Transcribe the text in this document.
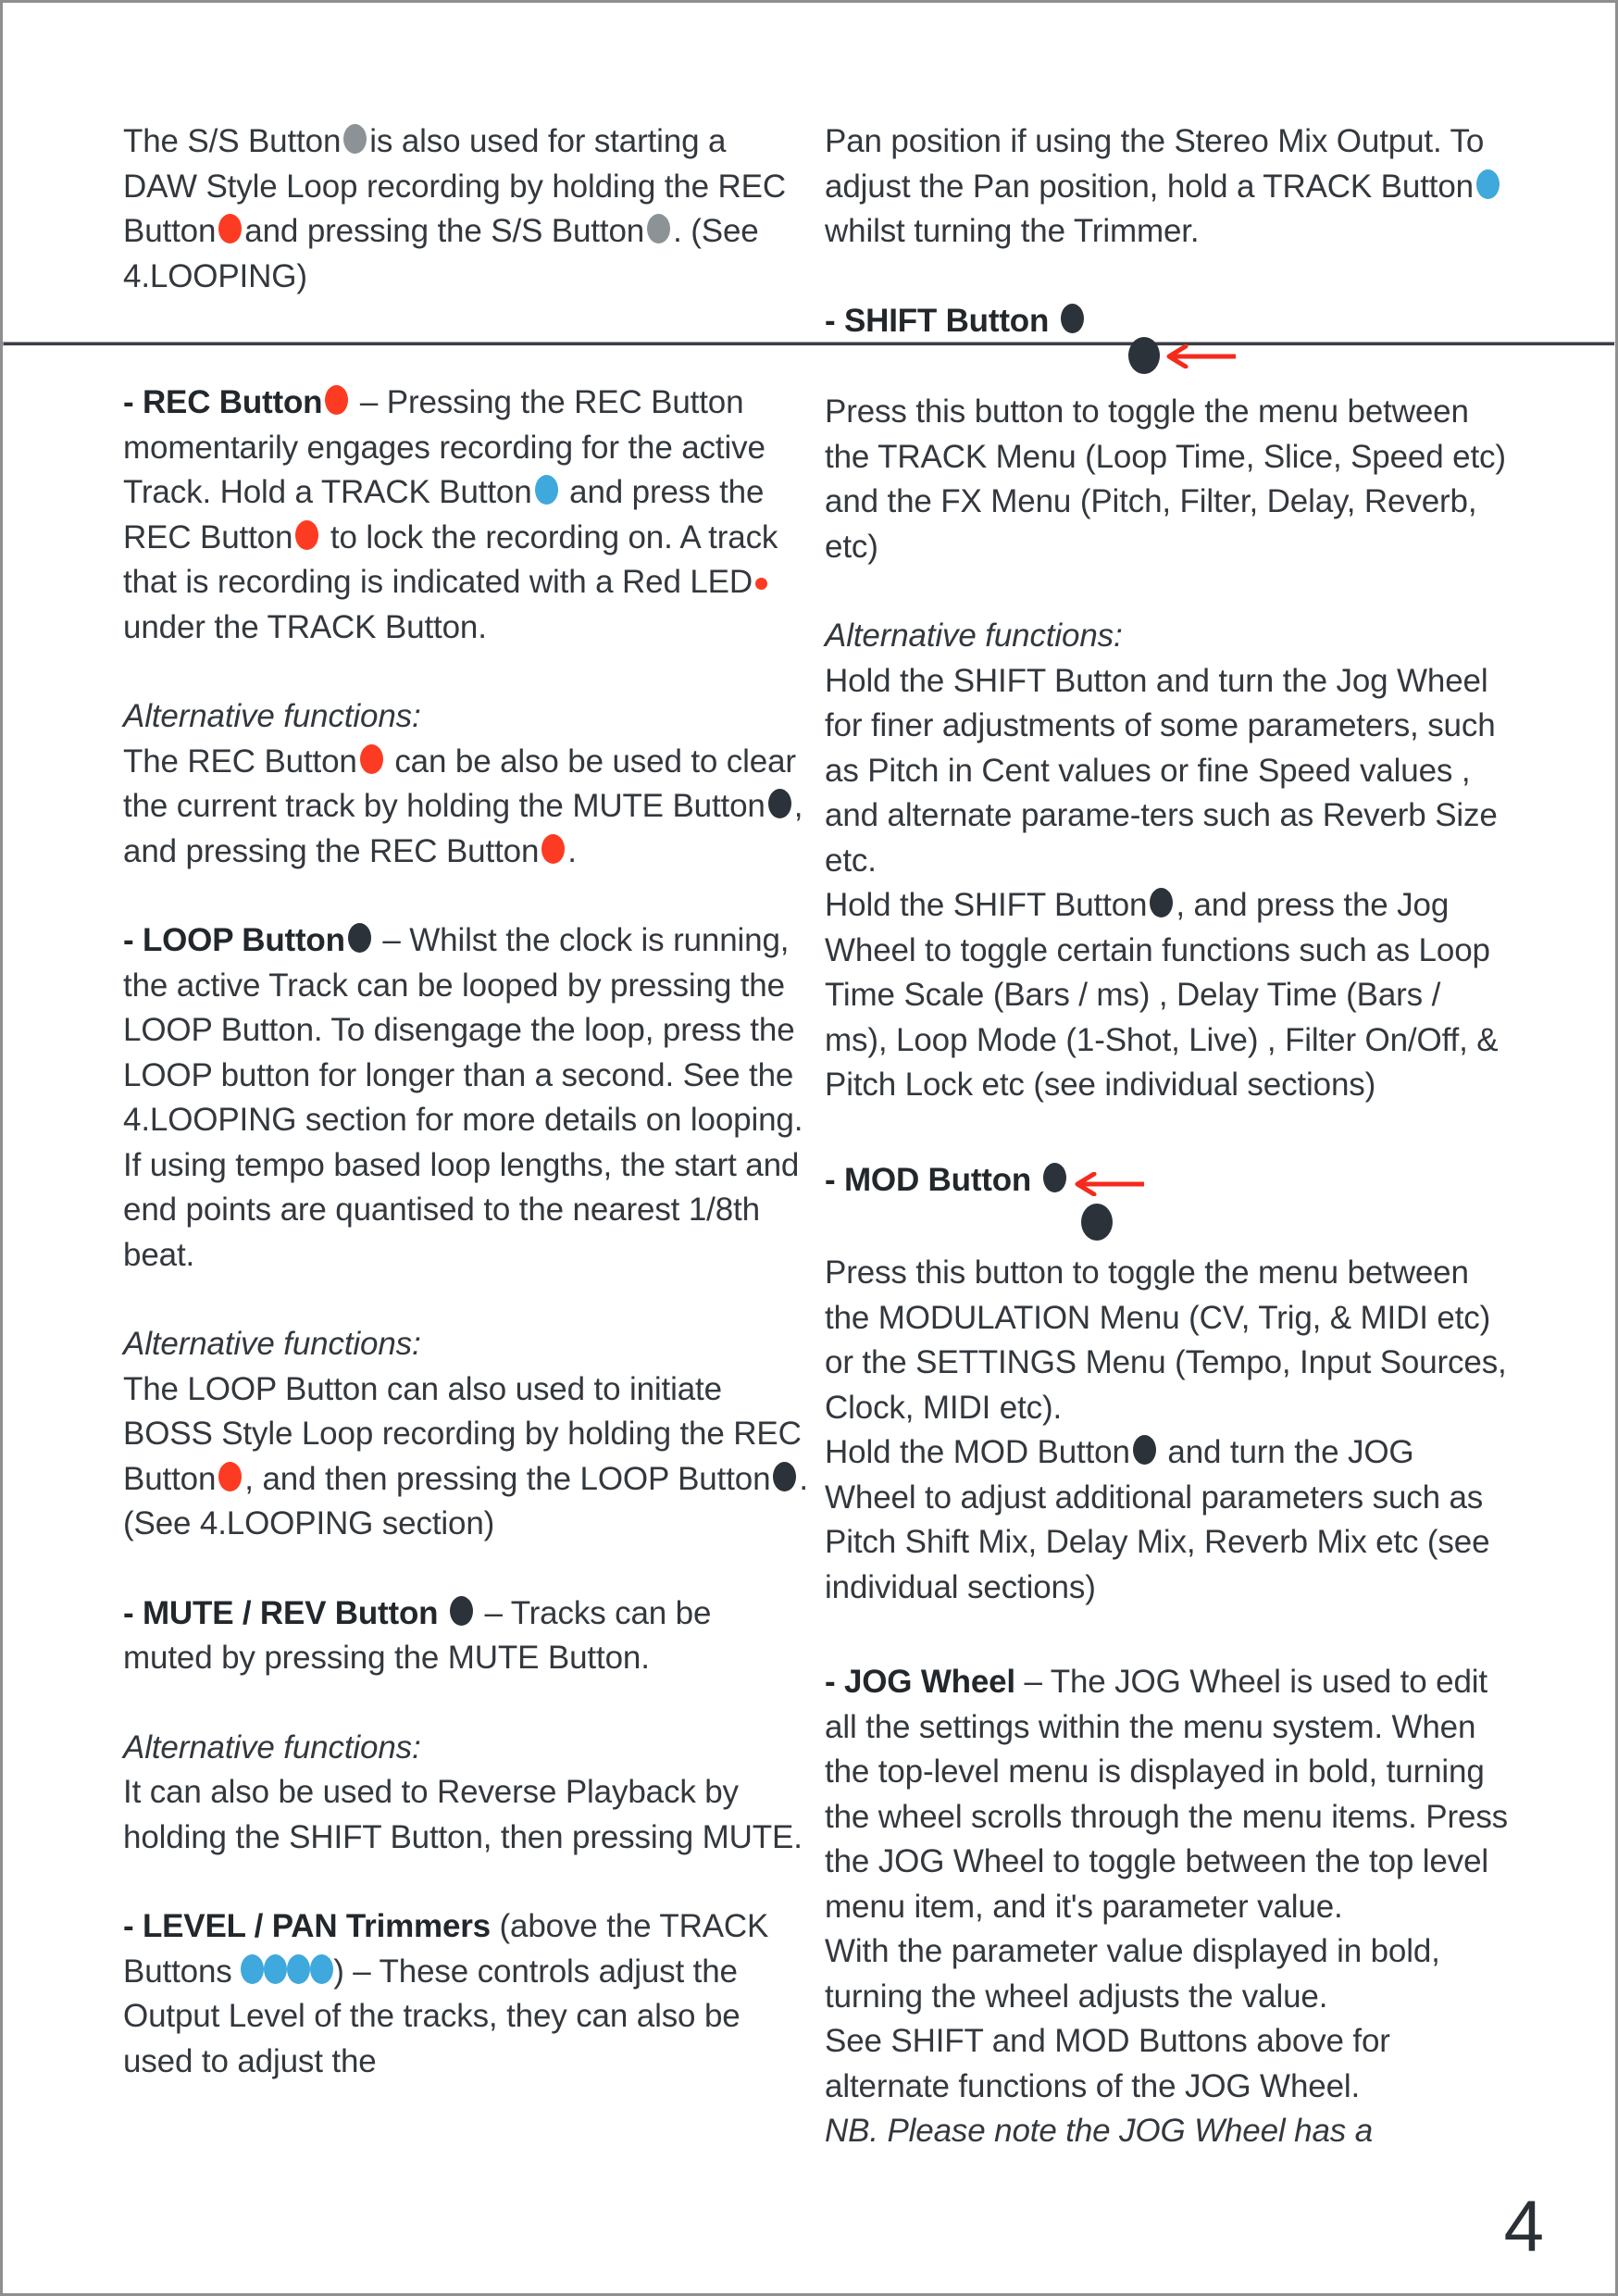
The S/S Button is also used for starting a DAW Style Loop recording by holding the REC Button and pressing the S/S Button . (See 4.LOOPING)

- REC Button – Pressing the REC Button momentarily engages recording for the active Track. Hold a TRACK Button and press the REC Button to lock the recording on. A track that is recording is indicated with a Red LED under the TRACK Button.

Alternative functions:

The REC Button can be also be used to clear the current track by holding the MUTE Button , and pressing the REC Button .

- LOOP Button – Whilst the clock is running, the active Track can be looped by pressing the LOOP Button. To disengage the loop, press the LOOP button for longer than a second. See the 4.LOOPING section for more details on looping.

If using tempo based loop lengths, the start and end points are quantised to the nearest 1/8th beat.

Alternative functions:

The LOOP Button can also used to initiate BOSS Style Loop recording by holding the REC Button , and then pressing the LOOP Button . (See 4.LOOPING section)

- MUTE / REV Button – Tracks can be muted by pressing the MUTE Button.

Alternative functions:

It can also be used to Reverse Playback by holding the SHIFT Button, then pressing MUTE.

- LEVEL / PAN Trimmers (above the TRACK Buttons	) – These controls adjust the Output Level of the tracks, they can also be used to adjust the

Pan position if using the Stereo Mix Output. To adjust the Pan position, hold a TRACK Button whilst turning the Trimmer.

- SHIFT Button

Press this button to toggle the menu between the TRACK Menu (Loop Time, Slice, Speed etc) and the FX Menu (Pitch, Filter, Delay, Reverb, etc)

Alternative functions:

Hold the SHIFT Button and turn the Jog Wheel for finer adjustments of some parameters, such as Pitch in Cent values or fine Speed values , and alternate parame-ters such as Reverb Size etc.

Hold the SHIFT Button , and press the Jog Wheel to toggle certain functions such as Loop Time Scale (Bars / ms) , Delay Time (Bars / ms), Loop Mode (1-Shot, Live) , Filter On/Off, & Pitch Lock etc (see individual sections)

- MOD Button

Press this button to toggle the menu between the MODULATION Menu (CV, Trig, & MIDI etc) or the SETTINGS Menu (Tempo, Input Sources, Clock, MIDI etc).

Hold the MOD Button and turn the JOG Wheel to adjust additional parameters such as Pitch Shift Mix, Delay Mix, Reverb Mix etc (see individual sections)

- JOG Wheel – The JOG Wheel is used to edit all the settings within the menu system. When the top-level menu is displayed in bold, turning the wheel scrolls through the menu items. Press the JOG Wheel to toggle between the top level menu item, and it's parameter value.

With the parameter value displayed in bold, turning the wheel adjusts the value.

See SHIFT and MOD Buttons above for alternate functions of the JOG Wheel.

NB. Please note the JOG Wheel has a

4
